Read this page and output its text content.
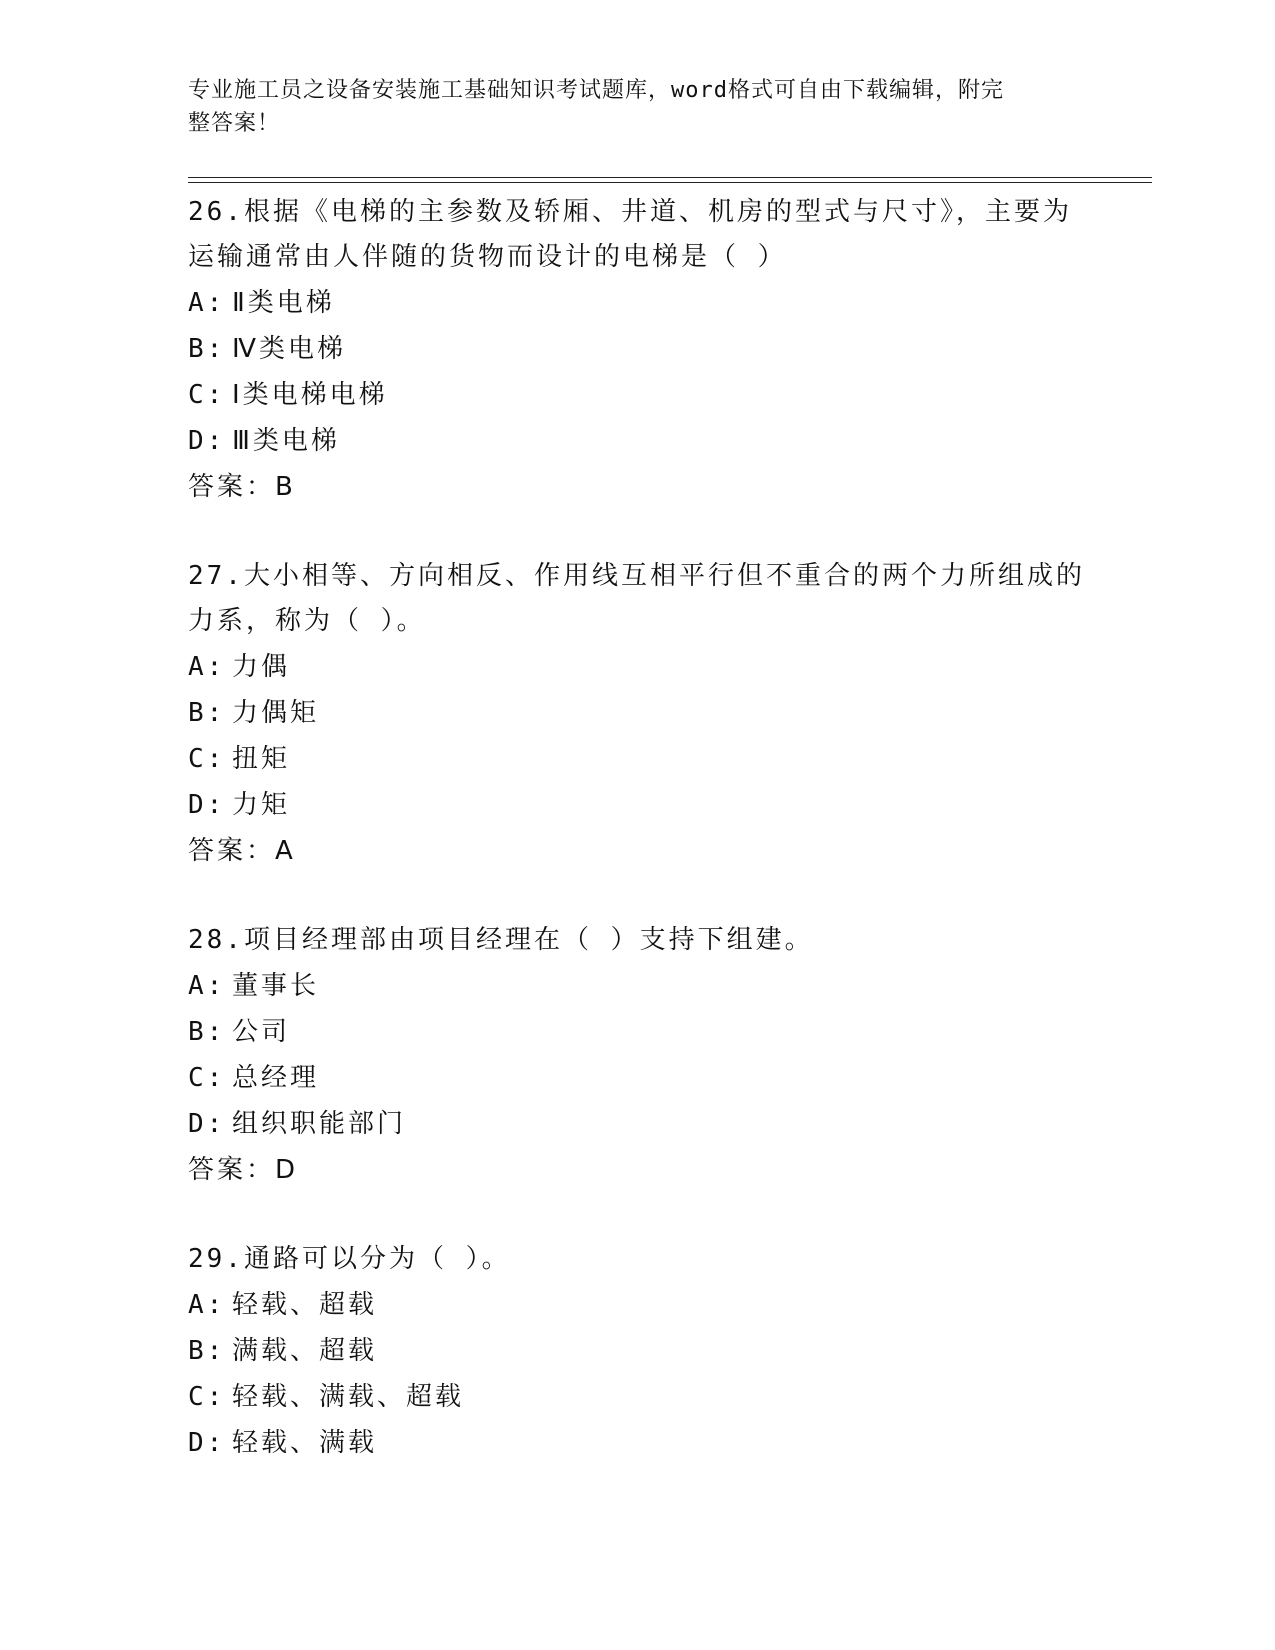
专业施工员之设备安装施工基础知识考试题库，word格式可自由下载编辑，附完
整答案！

26.根据《电梯的主参数及轿厢、井道、机房的型式与尺寸》，主要为运输通常由人伴随的货物而设计的电梯是（ ）

A: Ⅱ类电梯

B: Ⅳ类电梯

C: Ⅰ类电梯电梯

D: Ⅲ类电梯

答案：B

27.大小相等、方向相反、作用线互相平行但不重合的两个力所组成的力系，称为（ ）。

A: 力偶

B: 力偶矩

C: 扭矩

D: 力矩

答案：A

28.项目经理部由项目经理在（ ）支持下组建。

A: 董事长

B: 公司

C: 总经理

D: 组织职能部门

答案：D

29.通路可以分为（ ）。

A: 轻载、超载

B: 满载、超载

C: 轻载、满载、超载

D: 轻载、满载
